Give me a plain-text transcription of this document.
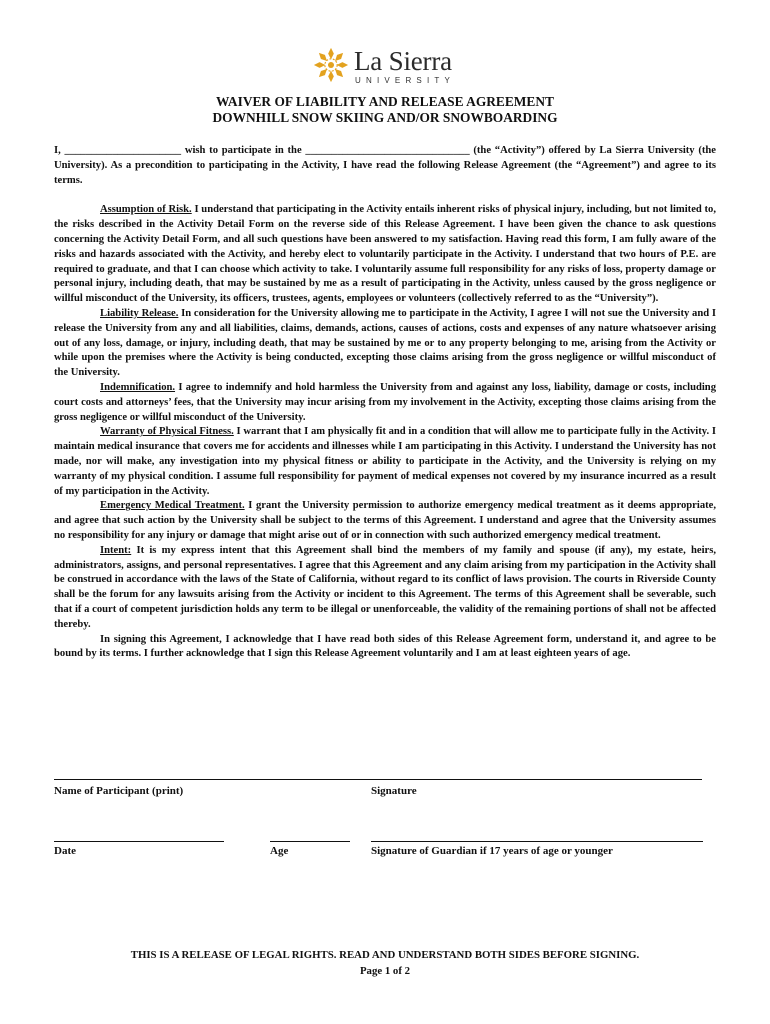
La Sierra
UNIVERSITY
WAIVER OF LIABILITY AND RELEASE AGREEMENT
DOWNHILL SNOW SKIING AND/OR SNOWBOARDING

I, ______________________ wish to participate in the _______________________________ (the “Activity”) offered by La Sierra University (the University). As a precondition to participating in the Activity, I have read the following Release Agreement (the “Agreement”) and agree to its terms.

Assumption of Risk. I understand that participating in the Activity entails inherent risks of physical injury, including, but not limited to, the risks described in the Activity Detail Form on the reverse side of this Release Agreement. I have been given the chance to ask questions concerning the Activity Detail Form, and all such questions have been answered to my satisfaction. Having read this form, I am fully aware of the risks and hazards associated with the Activity, and hereby elect to voluntarily participate in the Activity. I understand that two hours of P.E. are required to graduate, and that I can choose which activity to take. I voluntarily assume full responsibility for any risks of loss, property damage or personal injury, including death, that may be sustained by me as a result of participating in the Activity, unless caused by the gross negligence or willful misconduct of the University, its officers, trustees, agents, employees or volunteers (collectively referred to as the “University”).

Liability Release. In consideration for the University allowing me to participate in the Activity, I agree I will not sue the University and I release the University from any and all liabilities, claims, demands, actions, causes of actions, costs and expenses of any nature whatsoever arising out of any loss, damage, or injury, including death, that may be sustained by me or to any property belonging to me, arising from the Activity or while upon the premises where the Activity is being conducted, excepting those claims arising from the gross negligence or willful misconduct of the University.

Indemnification. I agree to indemnify and hold harmless the University from and against any loss, liability, damage or costs, including court costs and attorneys’ fees, that the University may incur arising from my involvement in the Activity, excepting those claims arising from the gross negligence or willful misconduct of the University.

Warranty of Physical Fitness. I warrant that I am physically fit and in a condition that will allow me to participate fully in the Activity. I maintain medical insurance that covers me for accidents and illnesses while I am participating in this Activity. I understand the University has not made, nor will make, any investigation into my physical fitness or ability to participate in the Activity, and the University is relying on my warranty of my physical condition. I assume full responsibility for payment of medical expenses not covered by my insurance incurred as a result of my participation in the Activity.

Emergency Medical Treatment. I grant the University permission to authorize emergency medical treatment as it deems appropriate, and agree that such action by the University shall be subject to the terms of this Agreement. I understand and agree that the University assumes no responsibility for any injury or damage that might arise out of or in connection with such authorized emergency medical treatment.

Intent: It is my express intent that this Agreement shall bind the members of my family and spouse (if any), my estate, heirs, administrators, assigns, and personal representatives. I agree that this Agreement and any claim arising from my participation in the Activity shall be construed in accordance with the laws of the State of California, without regard to its conflict of laws provision. The courts in Riverside County shall be the forum for any lawsuits arising from the Activity or incident to this Agreement. The terms of this Agreement shall be severable, such that if a court of competent jurisdiction holds any term to be illegal or unenforceable, the validity of the remaining portions of shall not be affected thereby.

In signing this Agreement, I acknowledge that I have read both sides of this Release Agreement form, understand it, and agree to be bound by its terms. I further acknowledge that I sign this Release Agreement voluntarily and I am at least eighteen years of age.

Name of Participant (print)	Signature
Date	Age	Signature of Guardian if 17 years of age or younger
THIS IS A RELEASE OF LEGAL RIGHTS. READ AND UNDERSTAND BOTH SIDES BEFORE SIGNING.
Page 1 of 2
